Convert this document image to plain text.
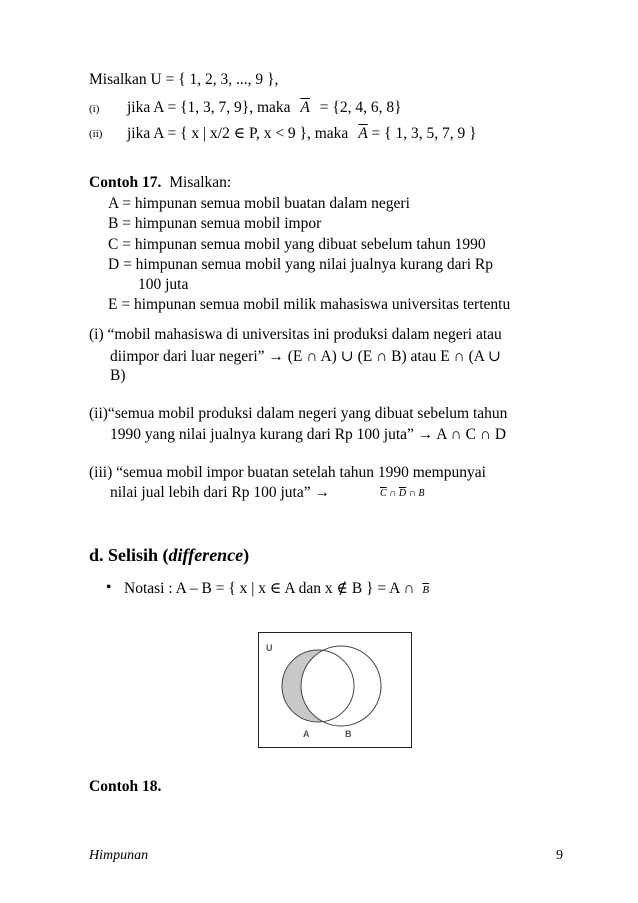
Misalkan U = { 1, 2, 3, ..., 9 },
(i) jika A = {1, 3, 7, 9}, maka $\overline{A} = \{2$, 4, 6, 8}
(ii) jika A = { x | x/2 ∈ P, x < 9 }, maka $\overline{A}$ = { 1, 3, 5, 7, 9 }
Contoh 17. Misalkan:
A = himpunan semua mobil buatan dalam negeri
B = himpunan semua mobil impor
C = himpunan semua mobil yang dibuat sebelum tahun 1990
D = himpunan semua mobil yang nilai jualnya kurang dari Rp
100 juta
E = himpunan semua mobil milik mahasiswa universitas tertentu
(i) “mobil mahasiswa di universitas ini produksi dalam negeri atau
diimpor dari luar negeri” → (E ∩ A) ∪ (E ∩ B) atau E ∩ (A ∪
B)
(ii)“semua mobil produksi dalam negeri yang dibuat sebelum tahun
1990 yang nilai jualnya kurang dari Rp 100 juta” → A ∩ C ∩ D
(iii) “semua mobil impor buatan setelah tahun 1990 mempunyai
nilai jual lebih dari Rp 100 juta” →	$\overline{C}$ ∩ $\overline{D}$ ∩ B
d. Selisih (difference)
• Notasi : A – B = { x | x ∈ A dan x ∉ B } = A ∩ $\overline{B}$
U
A	B
Contoh 18.
Himpunan	9
